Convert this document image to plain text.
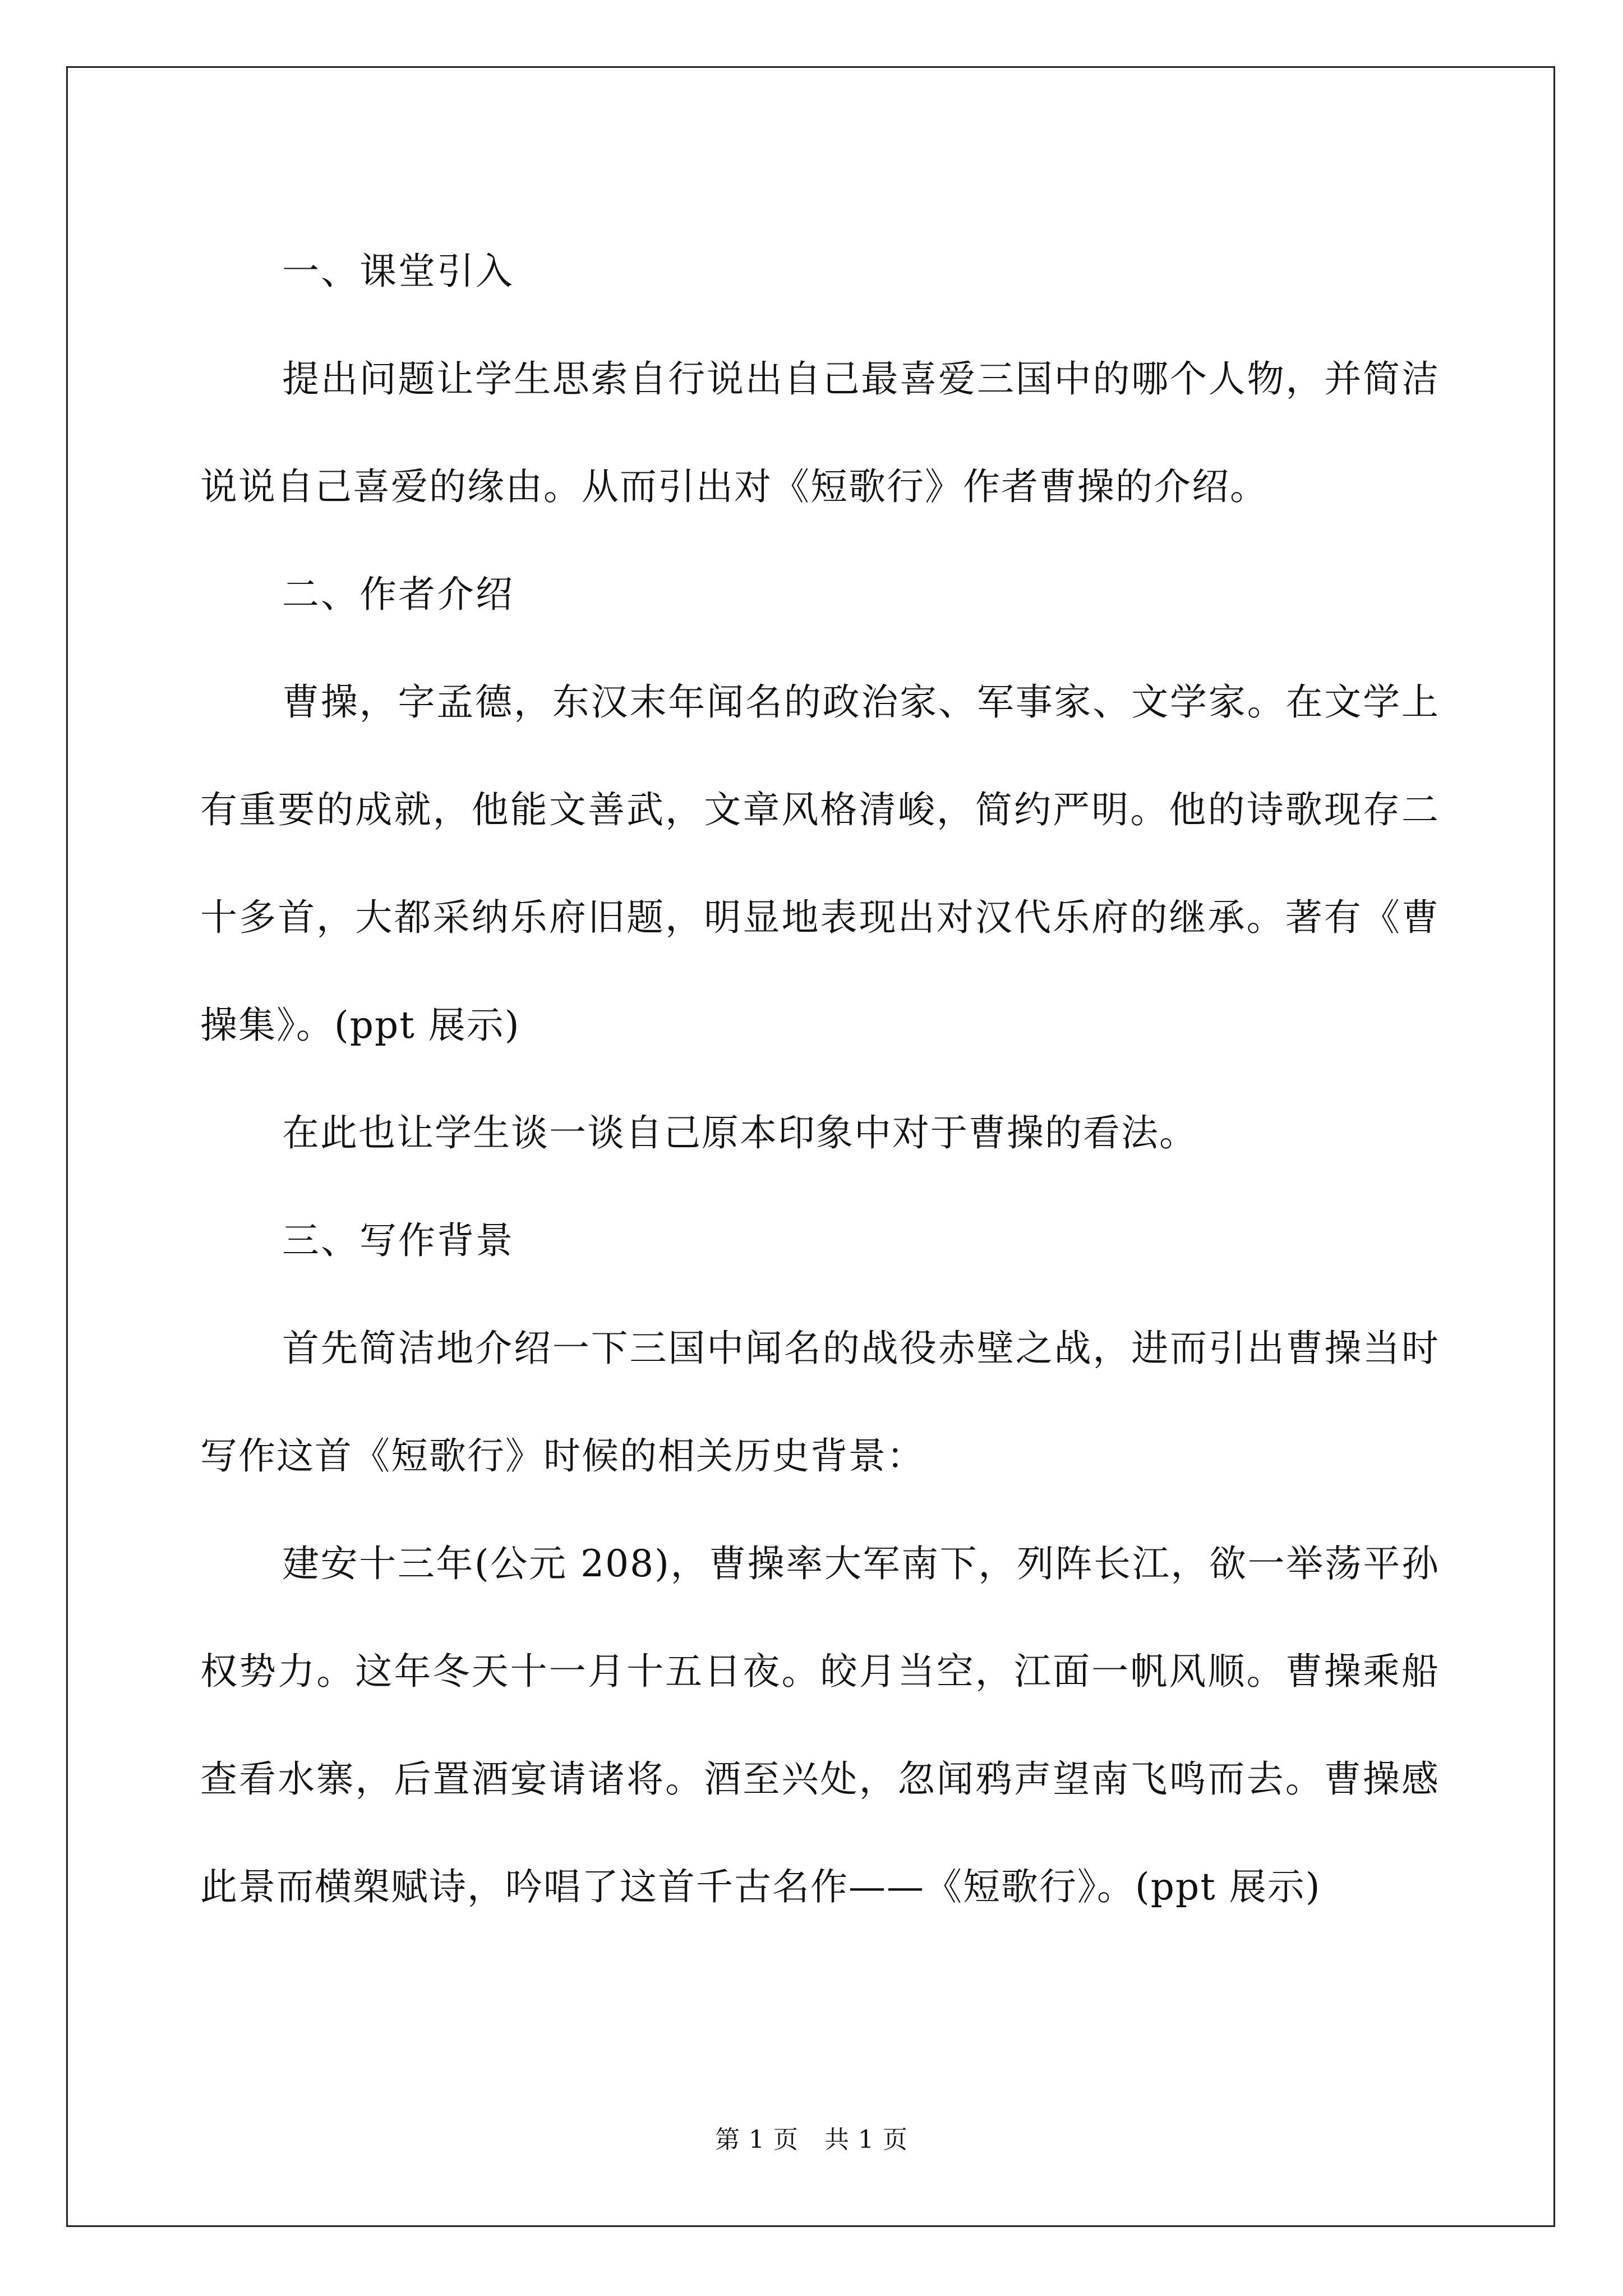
一、课堂引入

提出问题让学生思索自行说出自己最喜爱三国中的哪个人物，并简洁说说自己喜爱的缘由。从而引出对《短歌行》作者曹操的介绍。

二、作者介绍

曹操，字孟德，东汉末年闻名的政治家、军事家、文学家。在文学上有重要的成就，他能文善武，文章风格清峻，简约严明。他的诗歌现存二十多首，大都采纳乐府旧题，明显地表现出对汉代乐府的继承。著有《曹操集》。(ppt 展示)

在此也让学生谈一谈自己原本印象中对于曹操的看法。

三、写作背景

首先简洁地介绍一下三国中闻名的战役赤壁之战，进而引出曹操当时写作这首《短歌行》时候的相关历史背景：

建安十三年(公元 208)，曹操率大军南下，列阵长江，欲一举荡平孙权势力。这年冬天十一月十五日夜。皎月当空，江面一帆风顺。曹操乘船查看水寨，后置酒宴请诸将。酒至兴处，忽闻鸦声望南飞鸣而去。曹操感此景而横槊赋诗，吟唱了这首千古名作——《短歌行》。(ppt 展示)

第 1 页 共 1 页
